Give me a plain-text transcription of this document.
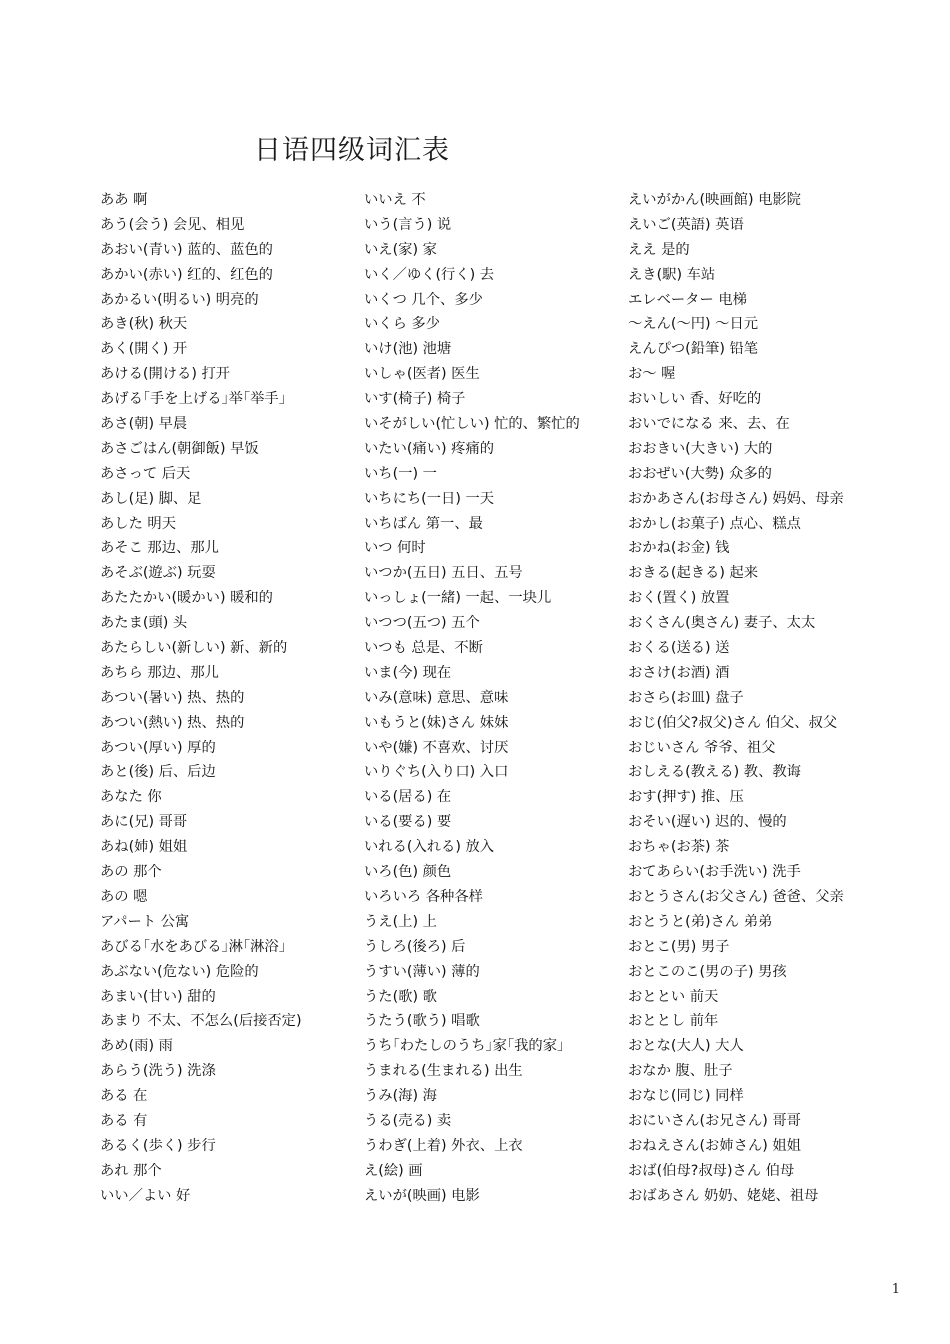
日语四级词汇表
ああ 啊
あう(会う) 会见、相见
あおい(青い) 蓝的、蓝色的
あかい(赤い) 红的、红色的
あかるい(明るい) 明亮的
あき(秋) 秋天
あく(開く) 开
あける(開ける) 打开
あげる｢手を上げる｣举｢举手｣
あさ(朝) 早晨
あさごはん(朝御飯) 早饭
あさって 后天
あし(足) 脚、足
あした 明天
あそこ 那边、那儿
あそぶ(遊ぶ) 玩耍
あたたかい(暖かい) 暖和的
あたま(頭) 头
あたらしい(新しい) 新、新的
あちら 那边、那儿
あつい(暑い) 热、热的
あつい(熱い) 热、热的
あつい(厚い) 厚的
あと(後) 后、后边
あなた 你
あに(兄) 哥哥
あね(姉) 姐姐
あの 那个
あの 嗯
アパート 公寓
あびる｢水をあびる｣淋｢淋浴｣
あぶない(危ない) 危险的
あまい(甘い) 甜的
あまり 不太、不怎么(后接否定)
あめ(雨) 雨
あらう(洗う) 洗涤
ある 在
ある 有
あるく(歩く) 步行
あれ 那个
いい／よい 好
いいえ 不
いう(言う) 说
いえ(家) 家
いく／ゆく(行く) 去
いくつ 几个、多少
いくら 多少
いけ(池) 池塘
いしゃ(医者) 医生
いす(椅子) 椅子
いそがしい(忙しい) 忙的、繁忙的
いたい(痛い) 疼痛的
いち(一) 一
いちにち(一日) 一天
いちばん 第一、最
いつ 何时
いつか(五日) 五日、五号
いっしょ(一緒) 一起、一块儿
いつつ(五つ) 五个
いつも 总是、不断
いま(今) 现在
いみ(意味) 意思、意味
いもうと(妹)さん 妹妹
いや(嫌) 不喜欢、讨厌
いりぐち(入り口) 入口
いる(居る) 在
いる(要る) 要
いれる(入れる) 放入
いろ(色) 颜色
いろいろ 各种各样
うえ(上) 上
うしろ(後ろ) 后
うすい(薄い) 薄的
うた(歌) 歌
うたう(歌う) 唱歌
うち｢わたしのうち｣家｢我的家｣
うまれる(生まれる) 出生
うみ(海) 海
うる(売る) 卖
うわぎ(上着) 外衣、上衣
え(絵) 画
えいが(映画) 电影
えいがかん(映画館) 电影院
えいご(英語) 英语
ええ 是的
えき(駅) 车站
エレベーター 电梯
～えん(～円) ～日元
えんぴつ(鉛筆) 铅笔
お～ 喔
おいしい 香、好吃的
おいでになる 来、去、在
おおきい(大きい) 大的
おおぜい(大勢) 众多的
おかあさん(お母さん) 妈妈、母亲
おかし(お菓子) 点心、糕点
おかね(お金) 钱
おきる(起きる) 起来
おく(置く) 放置
おくさん(奥さん) 妻子、太太
おくる(送る) 送
おさけ(お酒) 酒
おさら(お皿) 盘子
おじ(伯父?叔父)さん 伯父、叔父
おじいさん 爷爷、祖父
おしえる(教える) 教、教诲
おす(押す) 推、压
おそい(遅い) 迟的、慢的
おちゃ(お茶) 茶
おてあらい(お手洗い) 洗手
おとうさん(お父さん) 爸爸、父亲
おとうと(弟)さん 弟弟
おとこ(男) 男子
おとこのこ(男の子) 男孩
おととい 前天
おととし 前年
おとな(大人) 大人
おなか 腹、肚子
おなじ(同じ) 同样
おにいさん(お兄さん) 哥哥
おねえさん(お姉さん) 姐姐
おば(伯母?叔母)さん 伯母
おばあさん 奶奶、姥姥、祖母
1
